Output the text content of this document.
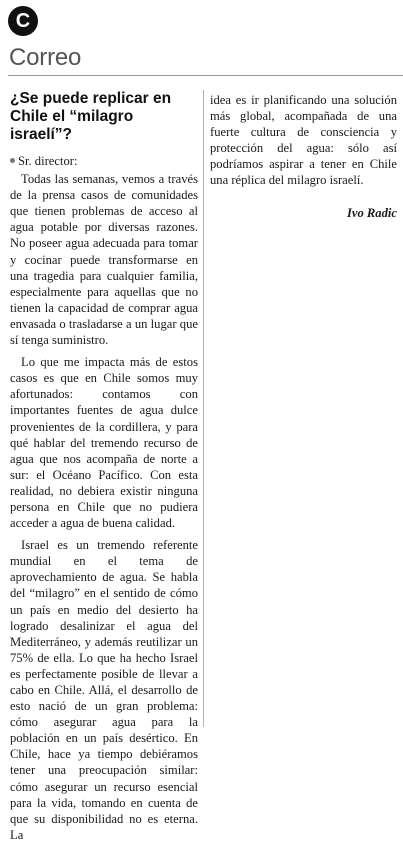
C
Correo
¿Se puede replicar en Chile el “milagro israelí”?

Sr. director:

Todas las semanas, vemos a través de la prensa casos de comunidades que tienen problemas de acceso al agua potable por diversas razones. No poseer agua adecuada para tomar y cocinar puede transformarse en una tragedia para cualquier familia, especialmente para aquellas que no tienen la capacidad de comprar agua envasada o trasladarse a un lugar que sí tenga suministro.

Lo que me impacta más de estos casos es que en Chile somos muy afortunados: contamos con importantes fuentes de agua dulce provenientes de la cordillera, y para qué hablar del tremendo recurso de agua que nos acompaña de norte a sur: el Océano Pacífico. Con esta realidad, no debiera existir ninguna persona en Chile que no pudiera acceder a agua de buena calidad.

Israel es un tremendo referente mundial en el tema de aprovechamiento de agua. Se habla del “milagro” en el sentido de cómo un país en medio del desierto ha logrado desalinizar el agua del Mediterráneo, y además reutilizar un 75% de ella. Lo que ha hecho Israel es perfectamente posible de llevar a cabo en Chile. Allá, el desarrollo de esto nació de un gran problema: cómo asegurar agua para la población en un país desértico. En Chile, hace ya tiempo debiéramos tener una preocupación similar: cómo asegurar un recurso esencial para la vida, tomando en cuenta de que su disponibilidad no es eterna. La

idea es ir planificando una solución más global, acompañada de una fuerte cultura de consciencia y protección del agua: sólo así podríamos aspirar a tener en Chile una réplica del milagro israelí.

Ivo Radic
